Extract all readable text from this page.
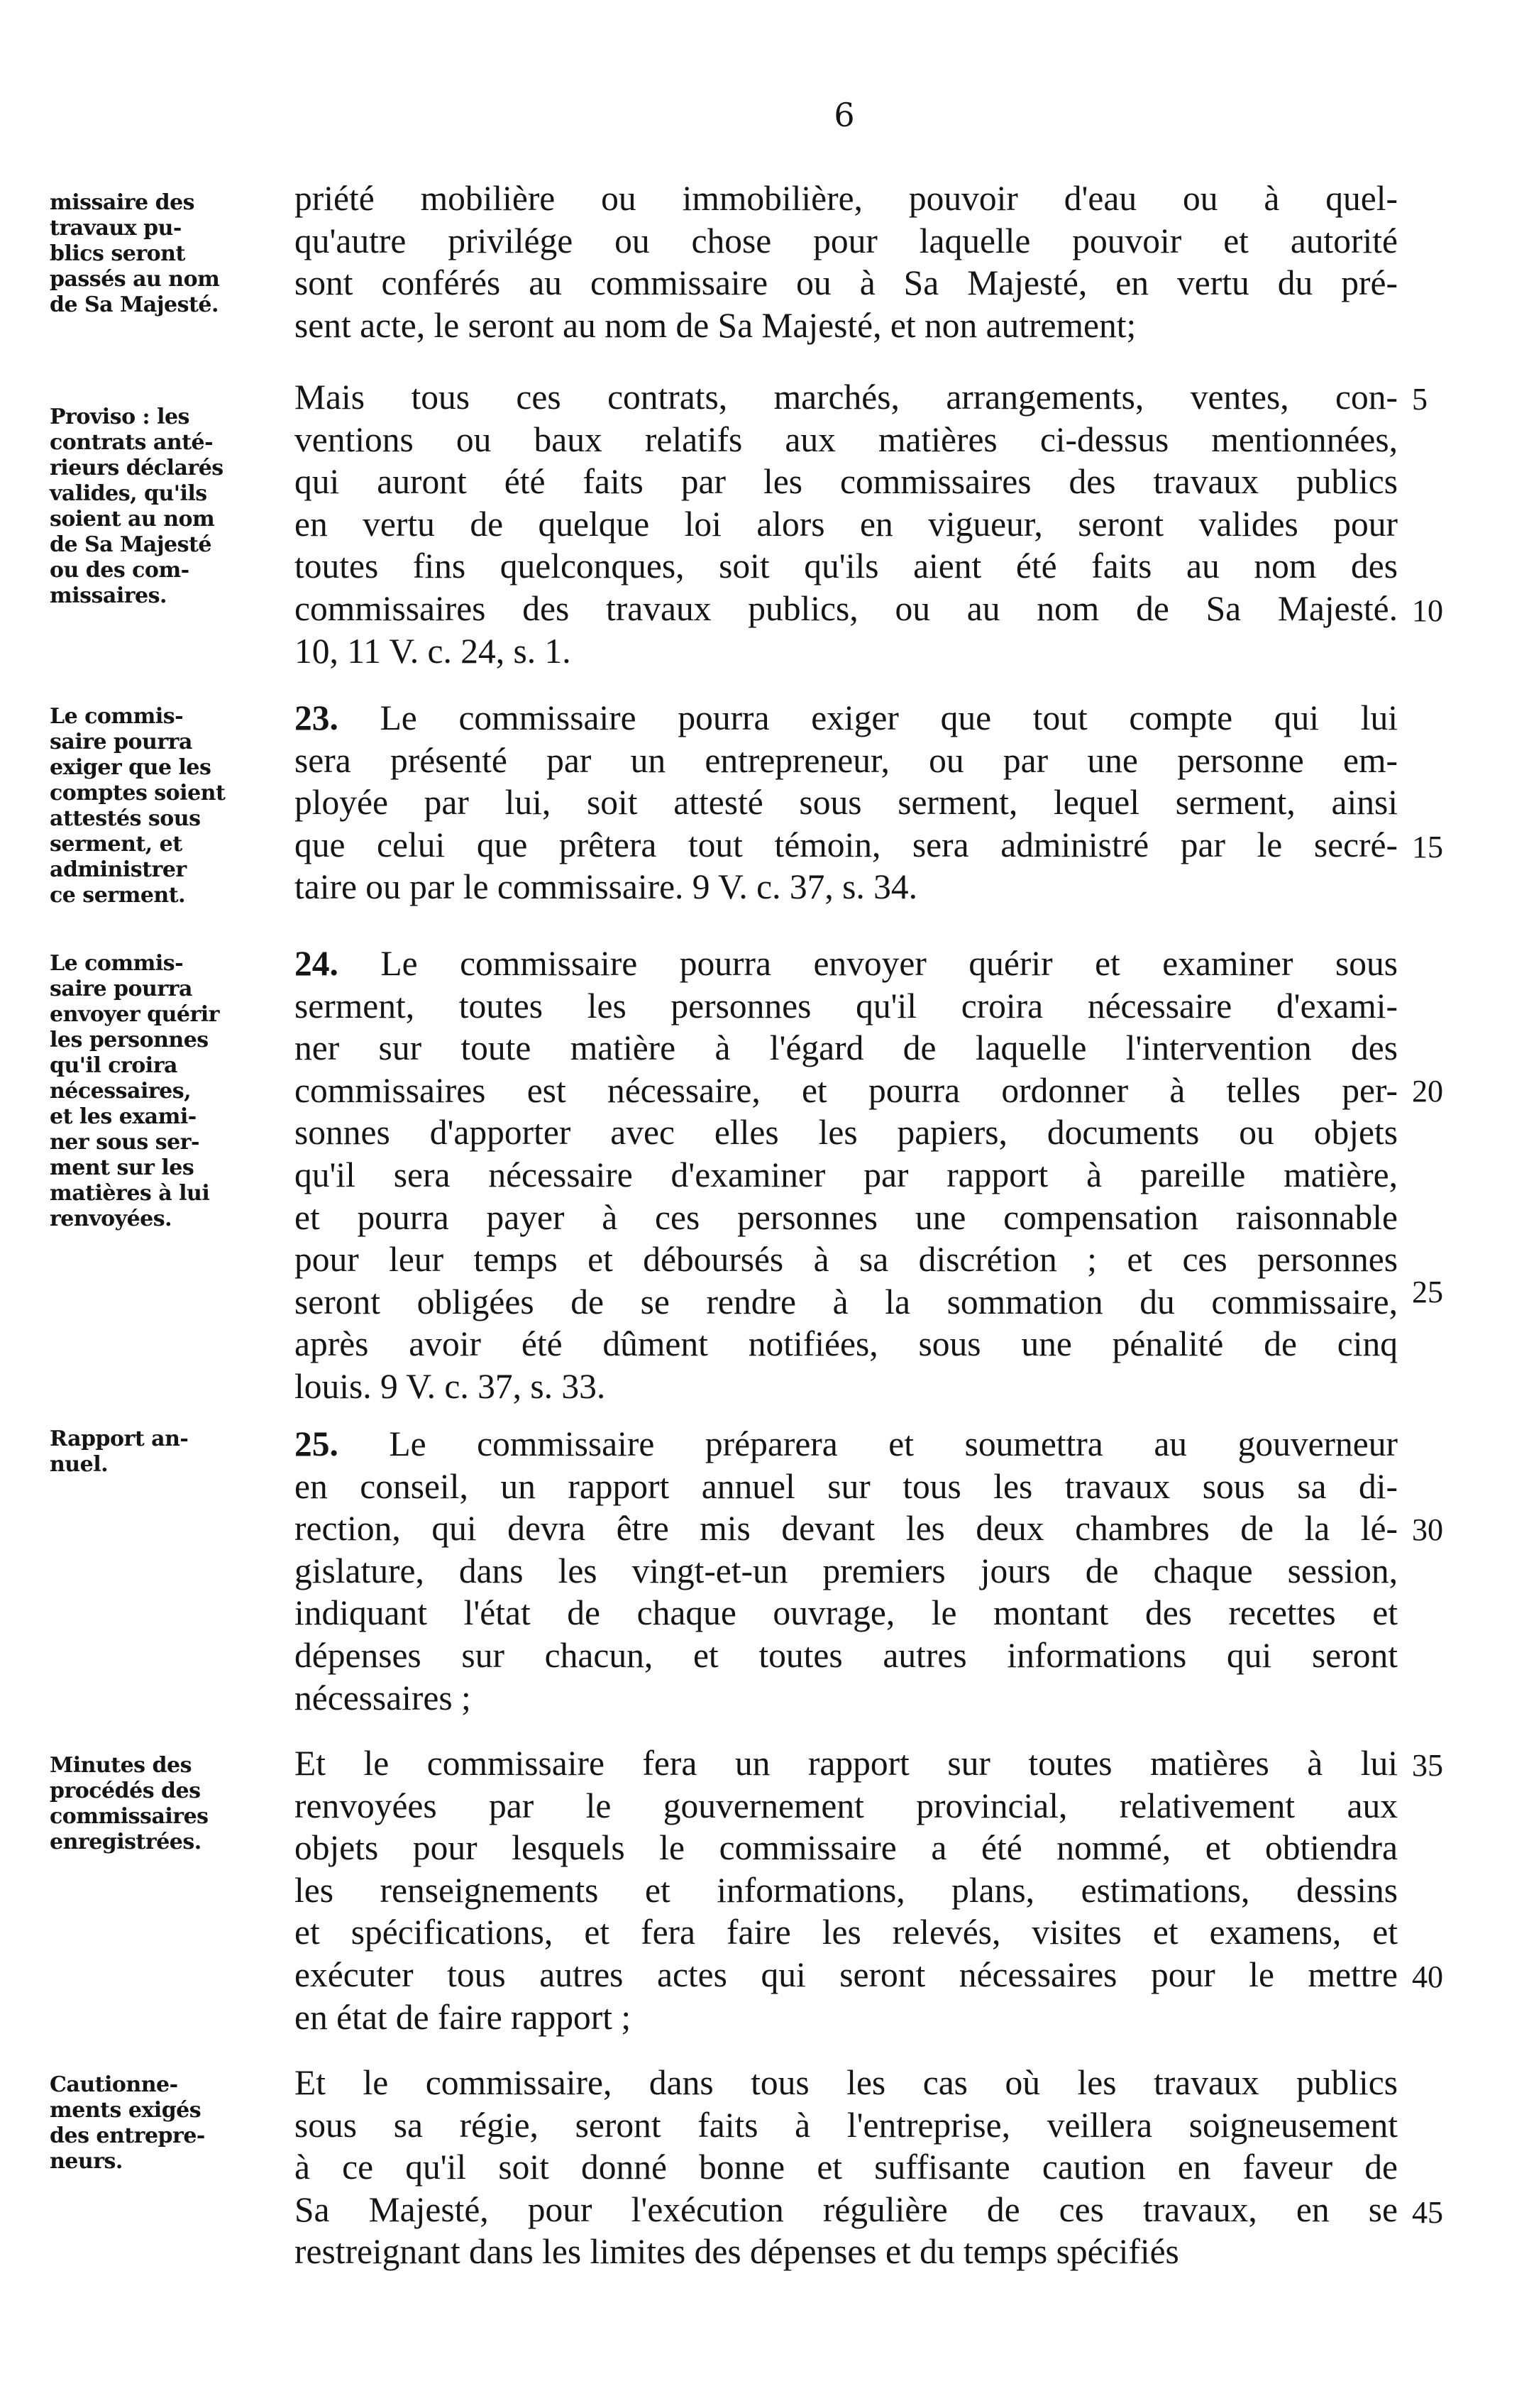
6
missaire des
travaux pu-
blics seront
passés au nom
de Sa Majesté.
Proviso : les
contrats anté-
rieurs déclarés
valides, qu'ils
soient au nom
de Sa Majesté
ou des com-
missaires.
Le commis-
saire pourra
exiger que les
comptes soient
attestés sous
serment, et
administrer
ce serment.
Le commis-
saire pourra
envoyer quérir
les personnes
qu'il croira
nécessaires,
et les exami-
ner sous ser-
ment sur les
matières à lui
renvoyées.
Rapport an-
nuel.
Minutes des
procédés des
commissaires
enregistrées.
Cautionne-
ments exigés
des entrepre-
neurs.
priété mobilière ou immobilière, pouvoir d'eau ou à quel-
qu'autre privilége ou chose pour laquelle pouvoir et autorité
sont conférés au commissaire ou à Sa Majesté, en vertu du pré-
sent acte, le seront au nom de Sa Majesté, et non autrement;
Mais tous ces contrats, marchés, arrangements, ventes, con-
ventions ou baux relatifs aux matières ci-dessus mentionnées,
qui auront été faits par les commissaires des travaux publics
en vertu de quelque loi alors en vigueur, seront valides pour
toutes fins quelconques, soit qu'ils aient été faits au nom des
commissaires des travaux publics, ou au nom de Sa Majesté.
10, 11 V. c. 24, s. 1.
23. Le commissaire pourra exiger que tout compte qui lui
sera présenté par un entrepreneur, ou par une personne em-
ployée par lui, soit attesté sous serment, lequel serment, ainsi
que celui que prêtera tout témoin, sera administré par le secré-
taire ou par le commissaire. 9 V. c. 37, s. 34.
24. Le commissaire pourra envoyer quérir et examiner sous
serment, toutes les personnes qu'il croira nécessaire d'exami-
ner sur toute matière à l'égard de laquelle l'intervention des
commissaires est nécessaire, et pourra ordonner à telles per-
sonnes d'apporter avec elles les papiers, documents ou objets
qu'il sera nécessaire d'examiner par rapport à pareille matière,
et pourra payer à ces personnes une compensation raisonnable
pour leur temps et déboursés à sa discrétion ; et ces personnes
seront obligées de se rendre à la sommation du commissaire,
après avoir été dûment notifiées, sous une pénalité de cinq
louis. 9 V. c. 37, s. 33.
25. Le commissaire préparera et soumettra au gouverneur
en conseil, un rapport annuel sur tous les travaux sous sa di-
rection, qui devra être mis devant les deux chambres de la lé-
gislature, dans les vingt-et-un premiers jours de chaque session,
indiquant l'état de chaque ouvrage, le montant des recettes et
dépenses sur chacun, et toutes autres informations qui seront
nécessaires ;
Et le commissaire fera un rapport sur toutes matières à lui
renvoyées par le gouvernement provincial, relativement aux
objets pour lesquels le commissaire a été nommé, et obtiendra
les renseignements et informations, plans, estimations, dessins
et spécifications, et fera faire les relevés, visites et examens, et
exécuter tous autres actes qui seront nécessaires pour le mettre
en état de faire rapport ;
Et le commissaire, dans tous les cas où les travaux publics
sous sa régie, seront faits à l'entreprise, veillera soigneusement
à ce qu'il soit donné bonne et suffisante caution en faveur de
Sa Majesté, pour l'exécution régulière de ces travaux, en se
restreignant dans les limites des dépenses et du temps spécifiés
5
10
15
20
25
30
35
40
45
